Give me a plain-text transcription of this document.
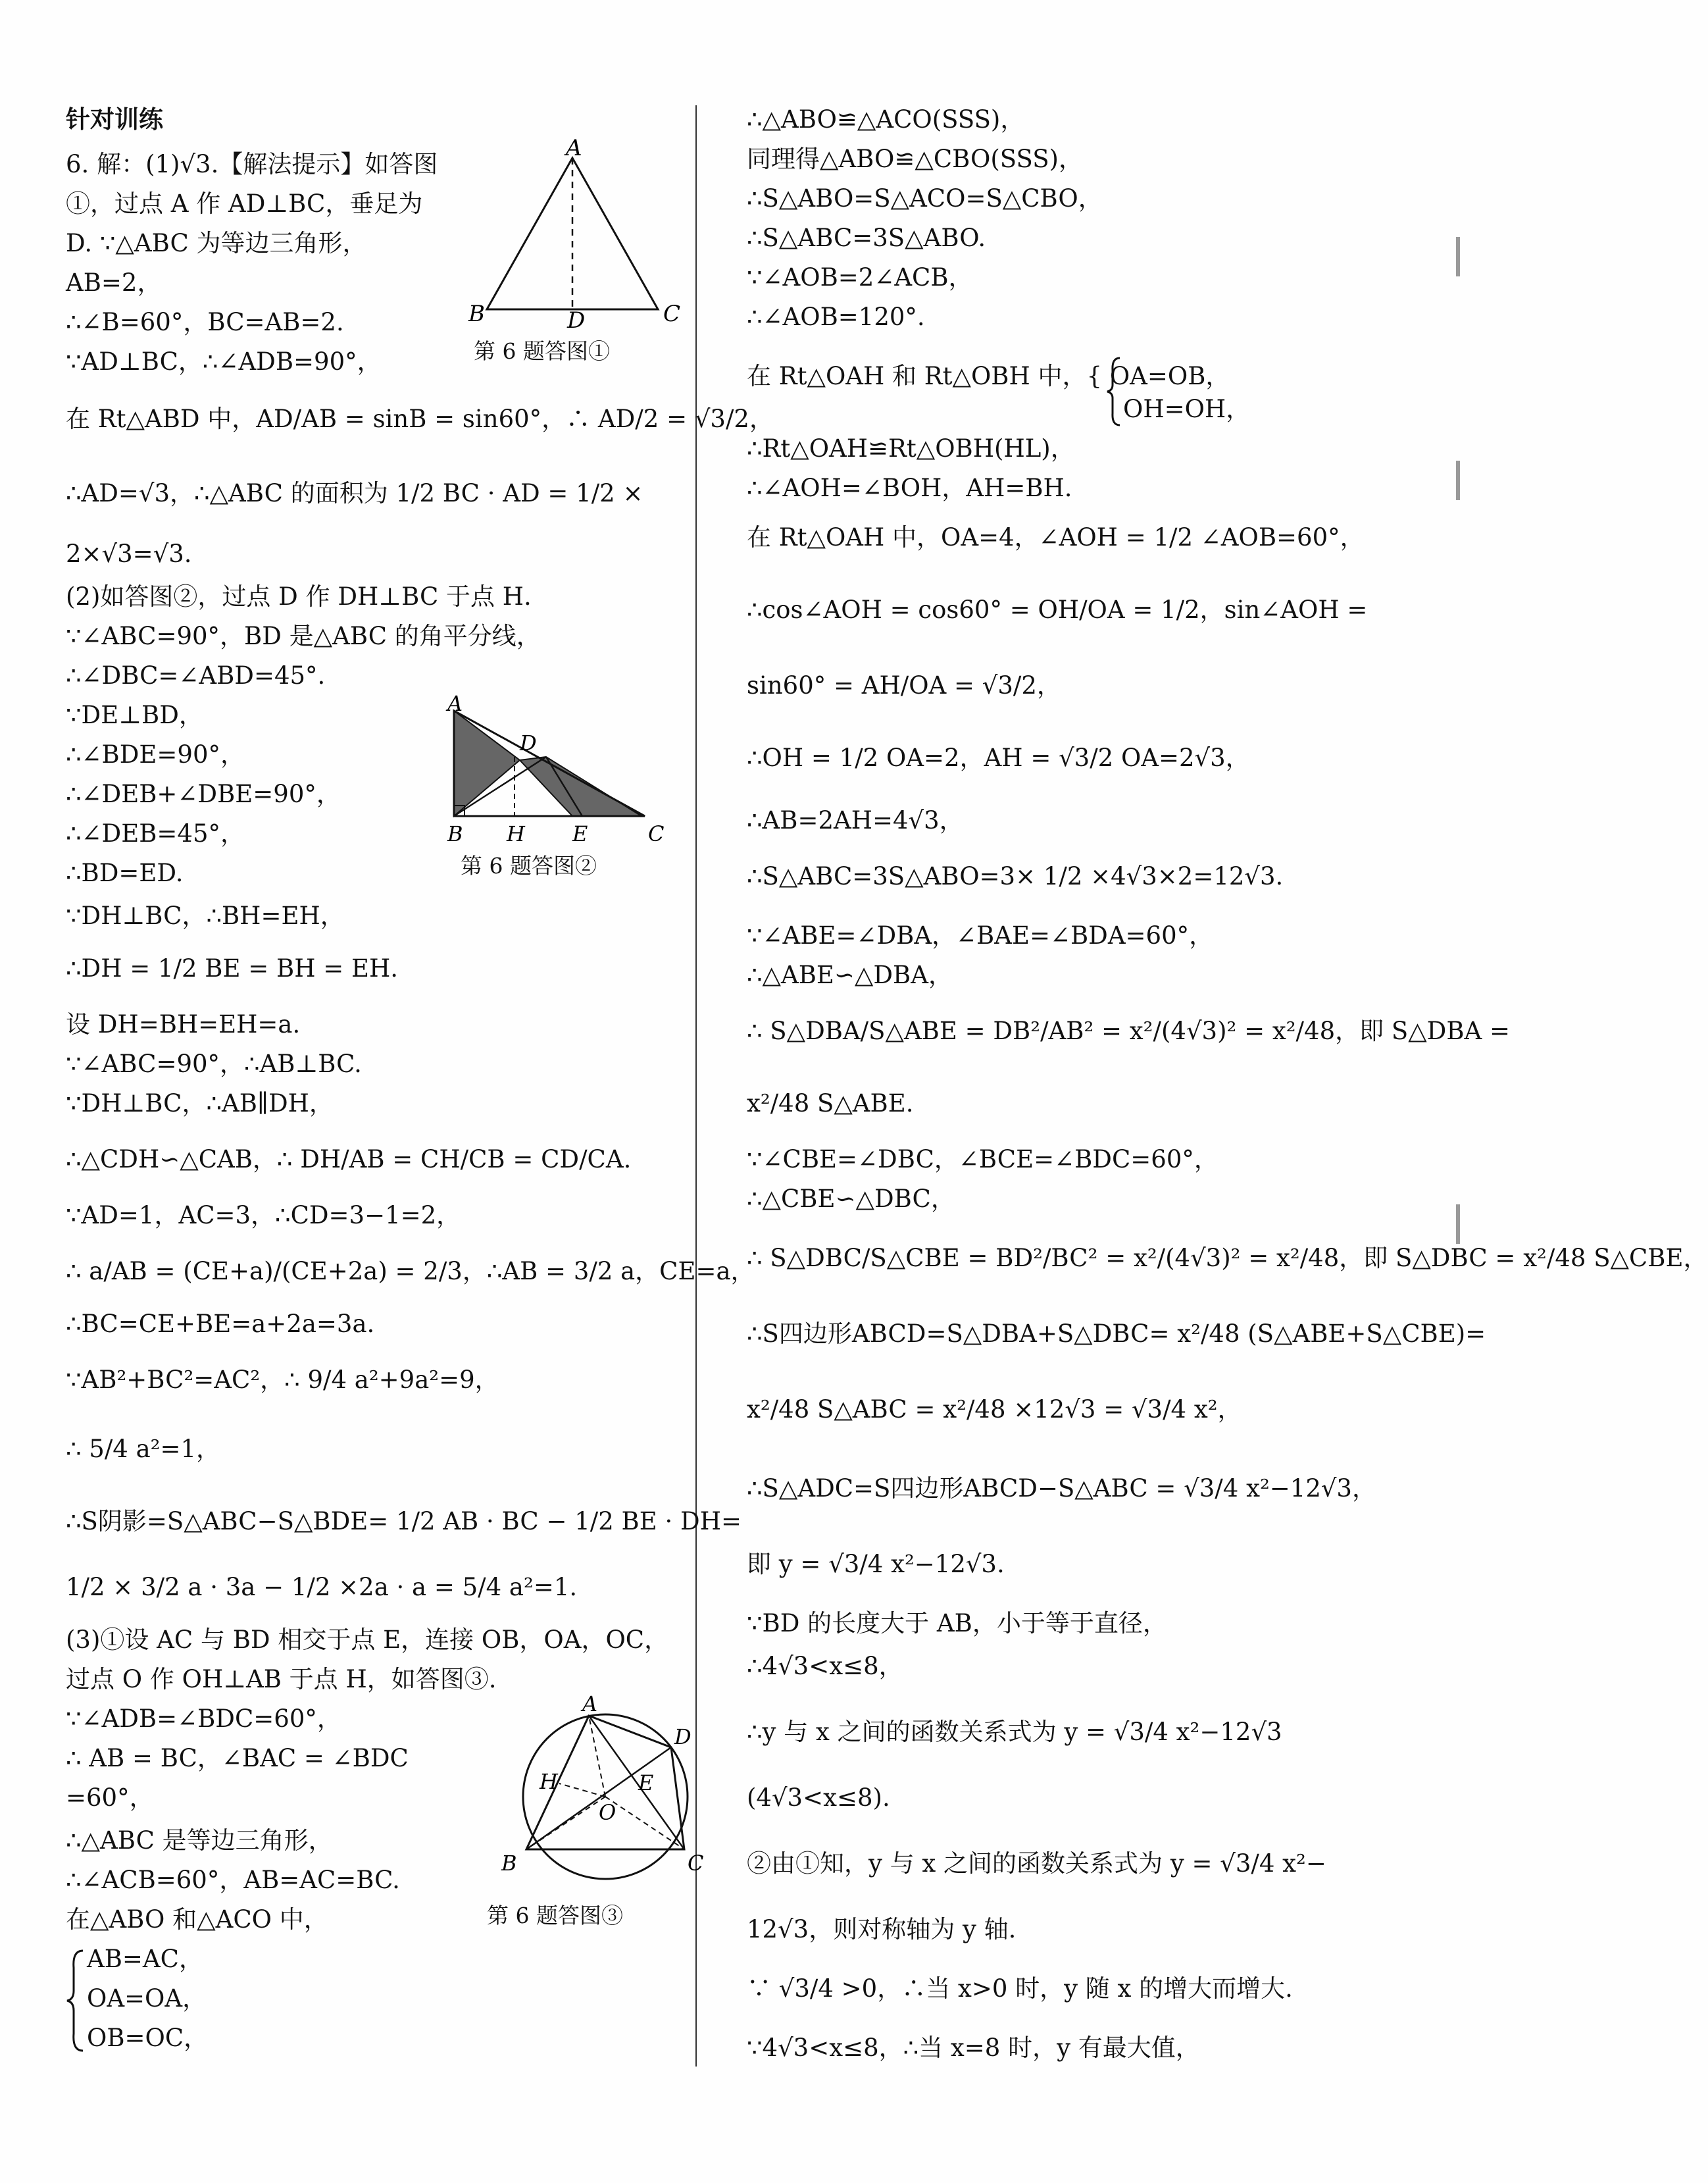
针对训练
6. 解：(1)√3.【解法提示】如答图
①，过点 A 作 AD⊥BC，垂足为
D. ∵△ABC 为等边三角形，
AB=2，
∴∠B=60°，BC=AB=2.
∵AD⊥BC，∴∠ADB=90°，
在 Rt△ABD 中，AD/AB = sinB = sin60°，∴ AD/2 = √3/2，
∴AD=√3，∴△ABC 的面积为 1/2 BC · AD = 1/2 ×
2×√3=√3.
(2)如答图②，过点 D 作 DH⊥BC 于点 H.
∵∠ABC=90°，BD 是△ABC 的角平分线，
∴∠DBC=∠ABD=45°.
∵DE⊥BD，
∴∠BDE=90°，
∴∠DEB+∠DBE=90°，
∴∠DEB=45°，
∴BD=ED.
∵DH⊥BC，∴BH=EH，
∴DH = 1/2 BE = BH = EH.
设 DH=BH=EH=a.
∵∠ABC=90°，∴AB⊥BC.
∵DH⊥BC，∴AB∥DH，
∴△CDH∽△CAB，∴ DH/AB = CH/CB = CD/CA.
∵AD=1，AC=3，∴CD=3−1=2，
∴ a/AB = (CE+a)/(CE+2a) = 2/3，∴AB = 3/2 a，CE=a，
∴BC=CE+BE=a+2a=3a.
∵AB²+BC²=AC²，∴ 9/4 a²+9a²=9，
∴ 5/4 a²=1，
∴S阴影=S△ABC−S△BDE= 1/2 AB · BC − 1/2 BE · DH=
1/2 × 3/2 a · 3a − 1/2 ×2a · a = 5/4 a²=1.
(3)①设 AC 与 BD 相交于点 E，连接 OB，OA，OC，
过点 O 作 OH⊥AB 于点 H，如答图③.
∵∠ADB=∠BDC=60°，
∴ AB = BC，∠BAC = ∠BDC
=60°，
∴△ABC 是等边三角形，
∴∠ACB=60°，AB=AC=BC.
在△ABO 和△ACO 中，
AB=AC，
OA=OA，
OB=OC，
A
B	D	C
第 6 题答图①
A
D
B H E	C
第 6 题答图②
A
D
H	E
O
B	C
第 6 题答图③
∴△ABO≌△ACO(SSS)，
同理得△ABO≌△CBO(SSS)，
∴S△ABO=S△ACO=S△CBO，
∴S△ABC=3S△ABO.
∵∠AOB=2∠ACB，
∴∠AOB=120°.
在 Rt△OAH 和 Rt△OBH 中，{ OA=OB，
OH=OH，
∴Rt△OAH≌Rt△OBH(HL)，
∴∠AOH=∠BOH，AH=BH.
在 Rt△OAH 中，OA=4，∠AOH = 1/2 ∠AOB=60°，
∴cos∠AOH = cos60° = OH/OA = 1/2，sin∠AOH =
sin60° = AH/OA = √3/2，
∴OH = 1/2 OA=2，AH = √3/2 OA=2√3，
∴AB=2AH=4√3，
∴S△ABC=3S△ABO=3× 1/2 ×4√3×2=12√3.
∵∠ABE=∠DBA，∠BAE=∠BDA=60°，
∴△ABE∽△DBA，
∴ S△DBA/S△ABE = DB²/AB² = x²/(4√3)² = x²/48，即 S△DBA =
x²/48 S△ABE.
∵∠CBE=∠DBC，∠BCE=∠BDC=60°，
∴△CBE∽△DBC，
∴ S△DBC/S△CBE = BD²/BC² = x²/(4√3)² = x²/48，即 S△DBC = x²/48 S△CBE，
∴S四边形ABCD=S△DBA+S△DBC= x²/48 (S△ABE+S△CBE)=
x²/48 S△ABC = x²/48 ×12√3 = √3/4 x²，
∴S△ADC=S四边形ABCD−S△ABC = √3/4 x²−12√3，
即 y = √3/4 x²−12√3.
∵BD 的长度大于 AB，小于等于直径，
∴4√3<x≤8，
∴y 与 x 之间的函数关系式为 y = √3/4 x²−12√3
(4√3<x≤8).
②由①知，y 与 x 之间的函数关系式为 y = √3/4 x²−
12√3，则对称轴为 y 轴.
∵ √3/4 >0，∴当 x>0 时，y 随 x 的增大而增大.
∵4√3<x≤8，∴当 x=8 时，y 有最大值，
